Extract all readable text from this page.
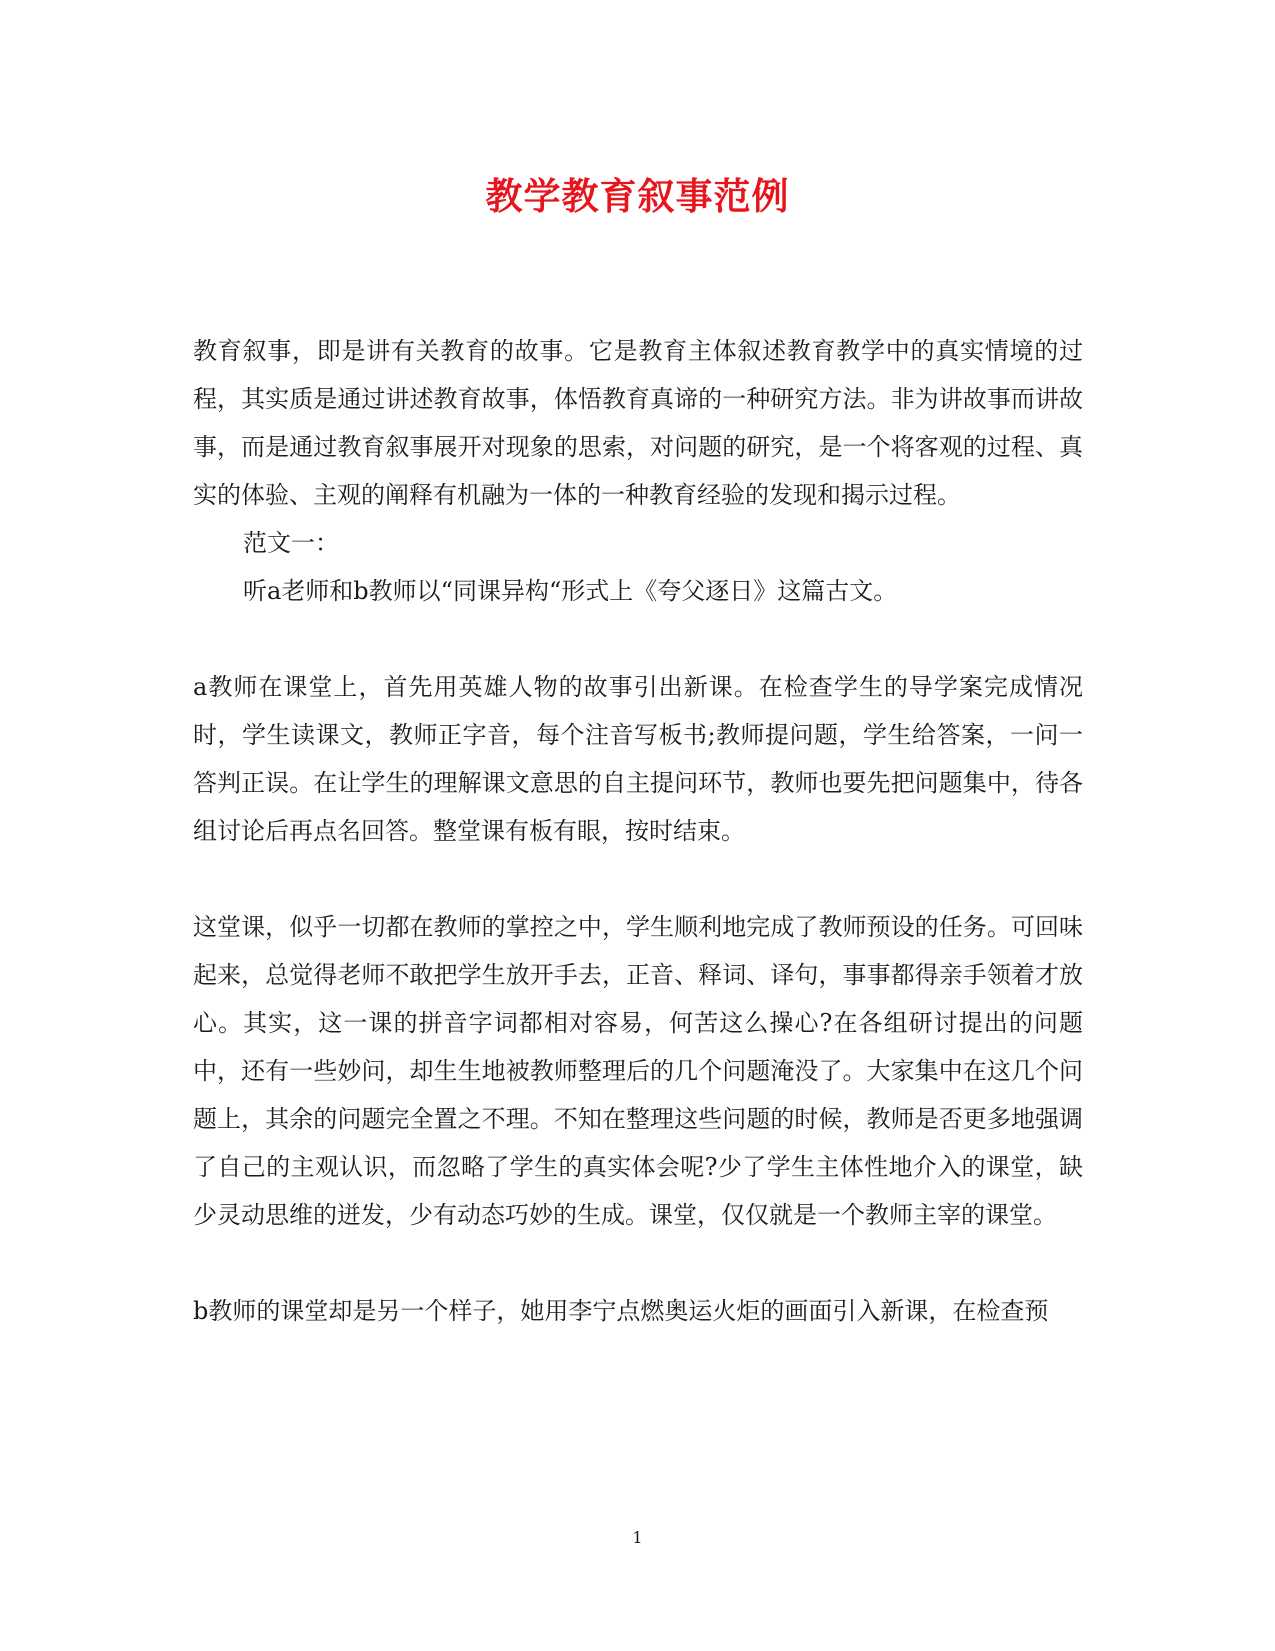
教学教育叙事范例

教育叙事，即是讲有关教育的故事。它是教育主体叙述教育教学中的真实情境的过程，其实质是通过讲述教育故事，体悟教育真谛的一种研究方法。非为讲故事而讲故事，而是通过教育叙事展开对现象的思索，对问题的研究，是一个将客观的过程、真实的体验、主观的阐释有机融为一体的一种教育经验的发现和揭示过程。

范文一：

听a老师和b教师以“同课异构“形式上《夸父逐日》这篇古文。

a教师在课堂上，首先用英雄人物的故事引出新课。在检查学生的导学案完成情况时，学生读课文，教师正字音，每个注音写板书;教师提问题，学生给答案，一问一答判正误。在让学生的理解课文意思的自主提问环节，教师也要先把问题集中，待各组讨论后再点名回答。整堂课有板有眼，按时结束。

这堂课，似乎一切都在教师的掌控之中，学生顺利地完成了教师预设的任务。可回味起来，总觉得老师不敢把学生放开手去，正音、释词、译句，事事都得亲手领着才放心。其实，这一课的拼音字词都相对容易，何苦这么操心?在各组研讨提出的问题中，还有一些妙问，却生生地被教师整理后的几个问题淹没了。大家集中在这几个问题上，其余的问题完全置之不理。不知在整理这些问题的时候，教师是否更多地强调了自己的主观认识，而忽略了学生的真实体会呢?少了学生主体性地介入的课堂，缺少灵动思维的迸发，少有动态巧妙的生成。课堂，仅仅就是一个教师主宰的课堂。

b教师的课堂却是另一个样子，她用李宁点燃奥运火炬的画面引入新课，在检查预

1
